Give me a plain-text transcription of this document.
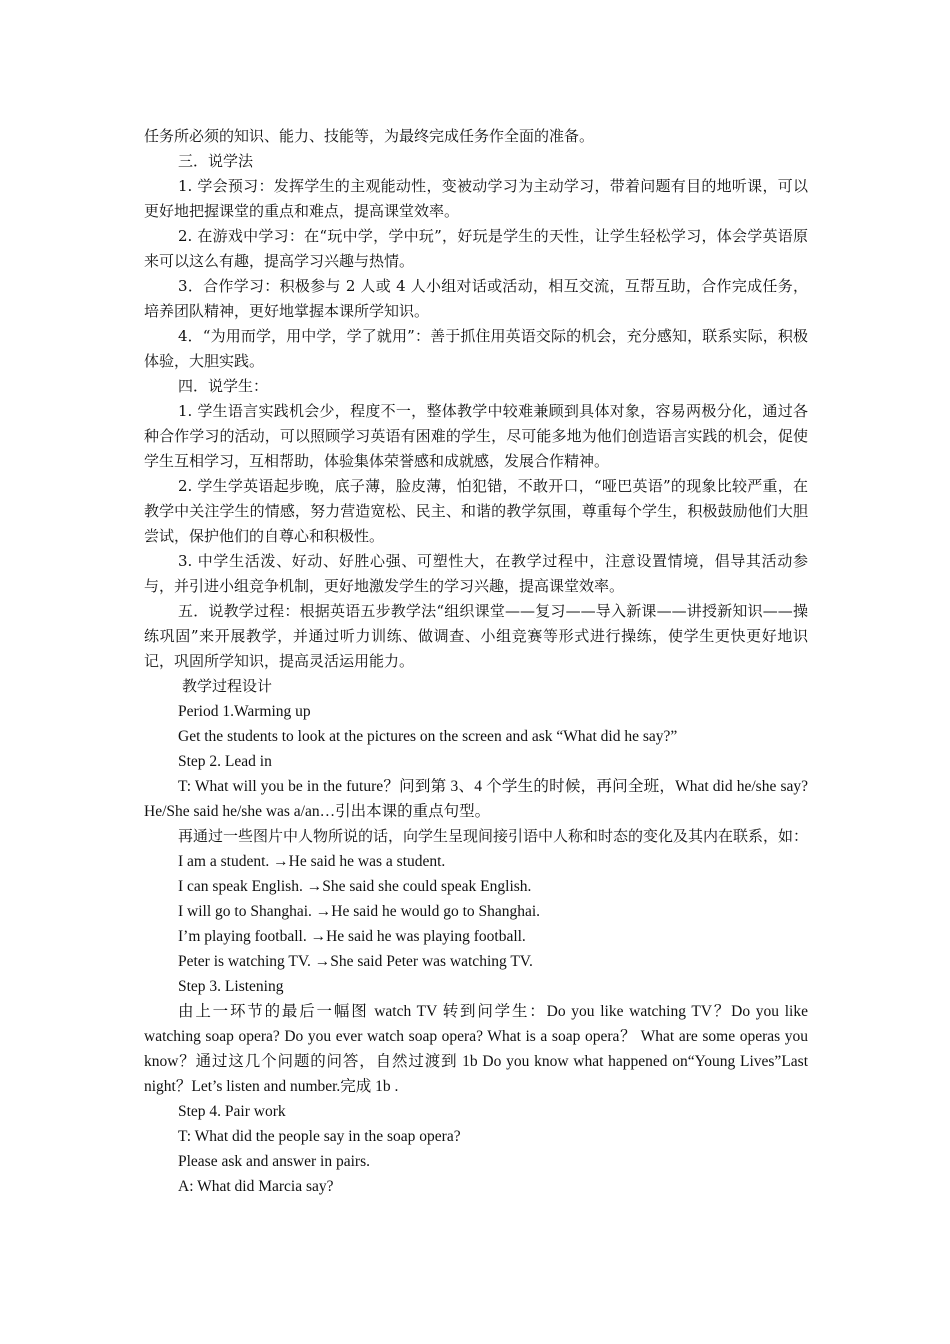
任务所必须的知识、能力、技能等，为最终完成任务作全面的准备。

三．说学法

1. 学会预习：发挥学生的主观能动性，变被动学习为主动学习，带着问题有目的地听课，可以更好地把握课堂的重点和难点，提高课堂效率。

2. 在游戏中学习：在“玩中学，学中玩”，好玩是学生的天性，让学生轻松学习，体会学英语原来可以这么有趣，提高学习兴趣与热情。

3．合作学习：积极参与 2 人或 4 人小组对话或活动，相互交流，互帮互助，合作完成任务，培养团队精神，更好地掌握本课所学知识。

4．“为用而学，用中学，学了就用”：善于抓住用英语交际的机会，充分感知，联系实际，积极体验，大胆实践。

四．说学生：

1. 学生语言实践机会少，程度不一，整体教学中较难兼顾到具体对象，容易两极分化，通过各种合作学习的活动，可以照顾学习英语有困难的学生，尽可能多地为他们创造语言实践的机会，促使学生互相学习，互相帮助，体验集体荣誉感和成就感，发展合作精神。

2. 学生学英语起步晚，底子薄，脸皮薄，怕犯错，不敢开口，“哑巴英语”的现象比较严重，在教学中关注学生的情感，努力营造宽松、民主、和谐的教学氛围，尊重每个学生，积极鼓励他们大胆尝试，保护他们的自尊心和积极性。

3. 中学生活泼、好动、好胜心强、可塑性大，在教学过程中，注意设置情境，倡导其活动参与，并引进小组竞争机制，更好地激发学生的学习兴趣，提高课堂效率。

五．说教学过程：根据英语五步教学法“组织课堂——复习——导入新课——讲授新知识——操练巩固”来开展教学，并通过听力训练、做调查、小组竞赛等形式进行操练，使学生更快更好地识记，巩固所学知识，提高灵活运用能力。

教学过程设计

Period 1.Warming up

Get the students to look at the pictures on the screen and ask “What did he say?”

Step 2. Lead in

T: What will you be in the future？问到第 3、4 个学生的时候，再问全班，What did he/she say? He/She said he/she was a/an…引出本课的重点句型。

再通过一些图片中人物所说的话，向学生呈现间接引语中人称和时态的变化及其内在联系，如：

I am a student. →He said he was a student.

I can speak English. →She said she could speak English.

I will go to Shanghai. →He said he would go to Shanghai.

I’m playing football. →He said he was playing football.

Peter is watching TV. →She said Peter was watching TV.

Step 3. Listening

由上一环节的最后一幅图 watch TV 转到问学生：Do you like watching TV？Do you like watching soap opera? Do you ever watch soap opera? What is a soap opera？ What are some operas you know？通过这几个问题的问答，自然过渡到 1b Do you know what happened on“Young Lives”Last night？Let’s listen and number.完成 1b .

Step 4. Pair work

T: What did the people say in the soap opera?

Please ask and answer in pairs.

A: What did Marcia say?
